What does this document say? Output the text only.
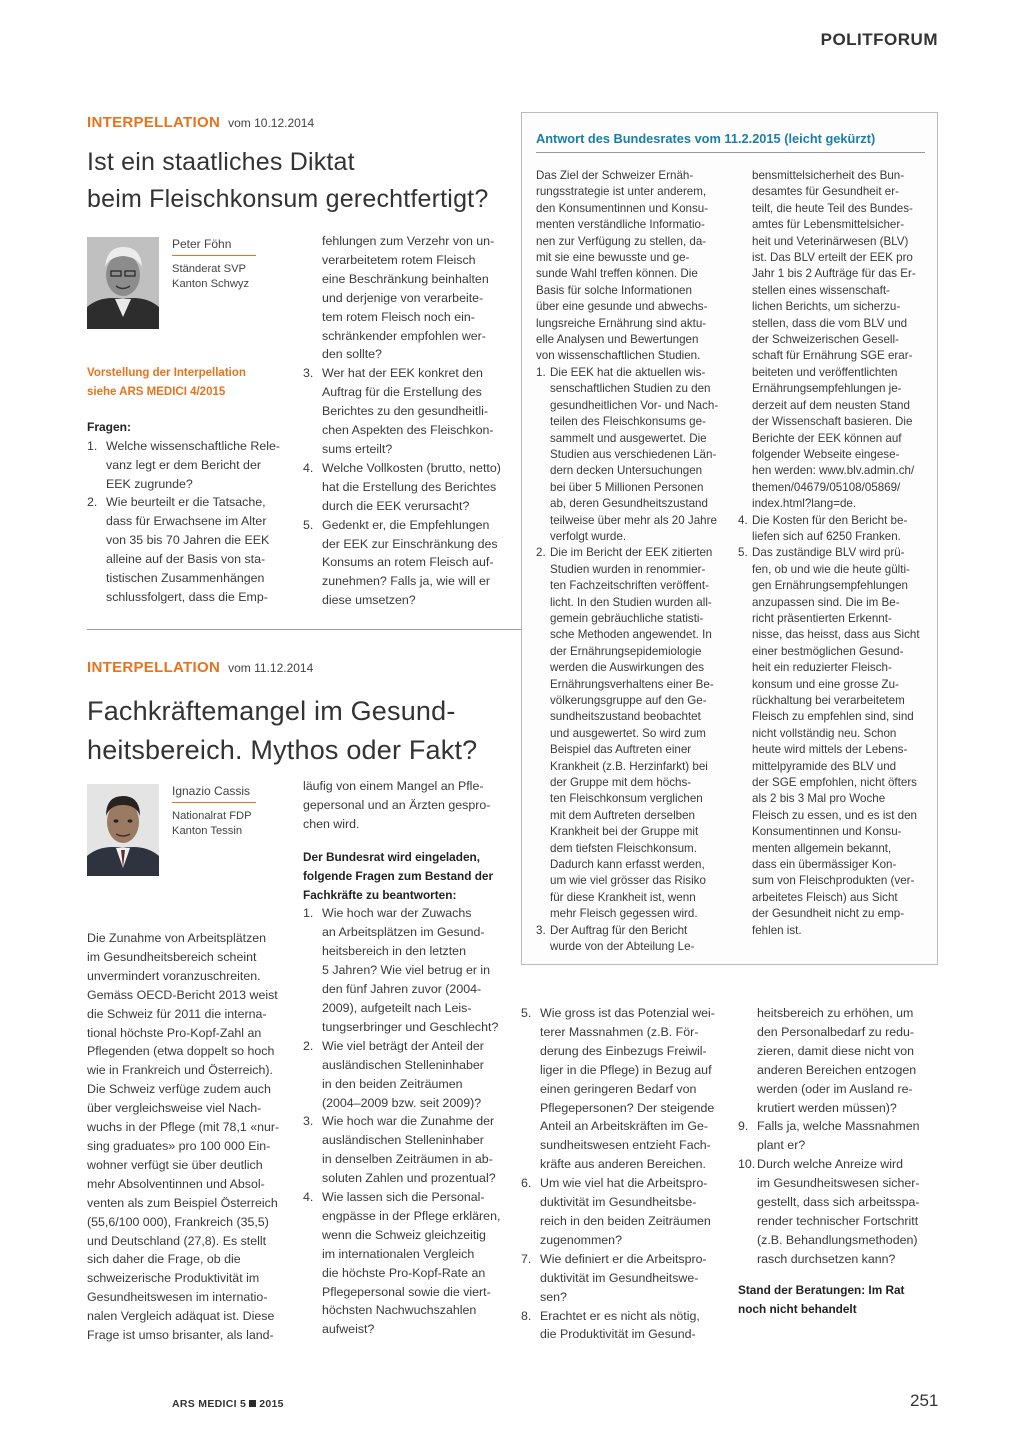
POLITFORUM
INTERPELLATION vom 10.12.2014
Ist ein staatliches Diktat
beim Fleischkonsum gerechtfertigt?
Peter Föhn
Ständerat SVP
Kanton Schwyz

Vorstellung der Interpellation

siehe ARS MEDICI 4/2015

Fragen:

1. Welche wissenschaftliche Rele-
vanz legt er dem Bericht der
EEK zugrunde?
2. Wie beurteilt er die Tatsache,
dass für Erwachsene im Alter
von 35 bis 70 Jahren die EEK
alleine auf der Basis von sta-
tistischen Zusammenhängen
schlussfolgert, dass die Emp-
fehlungen zum Verzehr von un-
verarbeitetem rotem Fleisch
eine Beschränkung beinhalten
und derjenige von verarbeite-
tem rotem Fleisch noch ein-
schränkender empfohlen wer-
den sollte?
3. Wer hat der EEK konkret den
Auftrag für die Erstellung des
Berichtes zu den gesundheitli-
chen Aspekten des Fleischkon-
sums erteilt?
4. Welche Vollkosten (brutto, netto)
hat die Erstellung des Berichtes
durch die EEK verursacht?
5. Gedenkt er, die Empfehlungen
der EEK zur Einschränkung des
Konsums an rotem Fleisch auf-
zunehmen? Falls ja, wie will er
diese umsetzen?
Antwort des Bundesrates vom 11.2.2015 (leicht gekürzt)
Das Ziel der Schweizer Ernäh-
rungsstrategie ist unter anderem,
den Konsumentinnen und Konsu-
menten verständliche Informatio-
nen zur Verfügung zu stellen, da-
mit sie eine bewusste und ge-
sunde Wahl treffen können. Die
Basis für solche Informationen
über eine gesunde und abwechs-
lungsreiche Ernährung sind aktu-
elle Analysen und Bewertungen
von wissenschaftlichen Studien.
1. Die EEK hat die aktuellen wis-
senschaftlichen Studien zu den
gesundheitlichen Vor- und Nach-
teilen des Fleischkonsums ge-
sammelt und ausgewertet. Die
Studien aus verschiedenen Län-
dern decken Untersuchungen
bei über 5 Millionen Personen
ab, deren Gesundheitszustand
teilweise über mehr als 20 Jahre
verfolgt wurde.
2. Die im Bericht der EEK zitierten
Studien wurden in renommier-
ten Fachzeitschriften veröffent-
licht. In den Studien wurden all-
gemein gebräuchliche statisti-
sche Methoden angewendet. In
der Ernährungsepidemiologie
werden die Auswirkungen des
Ernährungsverhaltens einer Be-
völkerungsgruppe auf den Ge-
sundheitszustand beobachtet
und ausgewertet. So wird zum
Beispiel das Auftreten einer
Krankheit (z.B. Herzinfarkt) bei
der Gruppe mit dem höchs-
ten Fleischkonsum verglichen
mit dem Auftreten derselben
Krankheit bei der Gruppe mit
dem tiefsten Fleischkonsum.
Dadurch kann erfasst werden,
um wie viel grösser das Risiko
für diese Krankheit ist, wenn
mehr Fleisch gegessen wird.
3. Der Auftrag für den Bericht
wurde von der Abteilung Le-
bensmittelsicherheit des Bun-
desamtes für Gesundheit er-
teilt, die heute Teil des Bundes-
amtes für Lebensmittelsicher-
heit und Veterinärwesen (BLV)
ist. Das BLV erteilt der EEK pro
Jahr 1 bis 2 Aufträge für das Er-
stellen eines wissenschaft-
lichen Berichts, um sicherzu-
stellen, dass die vom BLV und
der Schweizerischen Gesell-
schaft für Ernährung SGE erar-
beiteten und veröffentlichten
Ernährungsempfehlungen je-
derzeit auf dem neusten Stand
der Wissenschaft basieren. Die
Berichte der EEK können auf
folgender Webseite eingese-
hen werden: www.blv.admin.ch/
themen/04679/05108/05869/
index.html?lang=de.
4. Die Kosten für den Bericht be-
liefen sich auf 6250 Franken.
5. Das zuständige BLV wird prü-
fen, ob und wie die heute gülti-
gen Ernährungsempfehlungen
anzupassen sind. Die im Be-
richt präsentierten Erkennt-
nisse, das heisst, dass aus Sicht
einer bestmöglichen Gesund-
heit ein reduzierter Fleisch-
konsum und eine grosse Zu-
rückhaltung bei verarbeitetem
Fleisch zu empfehlen sind, sind
nicht vollständig neu. Schon
heute wird mittels der Lebens-
mittelpyramide des BLV und
der SGE empfohlen, nicht öfters
als 2 bis 3 Mal pro Woche
Fleisch zu essen, und es ist den
Konsumentinnen und Konsu-
menten allgemein bekannt,
dass ein übermässiger Kon-
sum von Fleischprodukten (ver-
arbeitetes Fleisch) aus Sicht
der Gesundheit nicht zu emp-
fehlen ist.
INTERPELLATION vom 11.12.2014
Fachkräftemangel im Gesund-
heitsbereich. Mythos oder Fakt?
Ignazio Cassis
Nationalrat FDP
Kanton Tessin
Die Zunahme von Arbeitsplätzen
im Gesundheitsbereich scheint
unvermindert voranzuschreiten.
Gemäss OECD-Bericht 2013 weist
die Schweiz für 2011 die interna-
tional höchste Pro-Kopf-Zahl an
Pflegenden (etwa doppelt so hoch
wie in Frankreich und Österreich).
Die Schweiz verfüge zudem auch
über vergleichsweise viel Nach-
wuchs in der Pflege (mit 78,1 «nur-
sing graduates» pro 100 000 Ein-
wohner verfügt sie über deutlich
mehr Absolventinnen und Absol-
venten als zum Beispiel Österreich
(55,6/100 000), Frankreich (35,5)
und Deutschland (27,8). Es stellt
sich daher die Frage, ob die
schweizerische Produktivität im
Gesundheitswesen im internatio-
nalen Vergleich adäquat ist. Diese
Frage ist umso brisanter, als land-
läufig von einem Mangel an Pfle-
gepersonal und an Ärzten gespro-
chen wird.
Der Bundesrat wird eingeladen,
folgende Fragen zum Bestand der
Fachkräfte zu beantworten:
1. Wie hoch war der Zuwachs
an Arbeitsplätzen im Gesund-
heitsbereich in den letzten
5 Jahren? Wie viel betrug er in
den fünf Jahren zuvor (2004-
2009), aufgeteilt nach Leis-
tungserbringer und Geschlecht?
2. Wie viel beträgt der Anteil der
ausländischen Stelleninhaber
in den beiden Zeiträumen
(2004–2009 bzw. seit 2009)?
3. Wie hoch war die Zunahme der
ausländischen Stelleninhaber
in denselben Zeiträumen in ab-
soluten Zahlen und prozentual?
4. Wie lassen sich die Personal-
engpässe in der Pflege erklären,
wenn die Schweiz gleichzeitig
im internationalen Vergleich
die höchste Pro-Kopf-Rate an
Pflegepersonal sowie die viert-
höchsten Nachwuchszahlen
aufweist?
5. Wie gross ist das Potenzial wei-
terer Massnahmen (z.B. För-
derung des Einbezugs Freiwil-
liger in die Pflege) in Bezug auf
einen geringeren Bedarf von
Pflegepersonen? Der steigende
Anteil an Arbeitskräften im Ge-
sundheitswesen entzieht Fach-
kräfte aus anderen Bereichen.
6. Um wie viel hat die Arbeitspro-
duktivität im Gesundheitsbe-
reich in den beiden Zeiträumen
zugenommen?
7. Wie definiert er die Arbeitspro-
duktivität im Gesundheitswe-
sen?
8. Erachtet er es nicht als nötig,
die Produktivität im Gesund-
heitsbereich zu erhöhen, um
den Personalbedarf zu redu-
zieren, damit diese nicht von
anderen Bereichen entzogen
werden (oder im Ausland re-
krutiert werden müssen)?
9. Falls ja, welche Massnahmen
plant er?
10. Durch welche Anreize wird
im Gesundheitswesen sicher-
gestellt, dass sich arbeitsspa-
render technischer Fortschritt
(z.B. Behandlungsmethoden)
rasch durchsetzen kann?
Stand der Beratungen: Im Rat
noch nicht behandelt
ARS MEDICI 5 2015	251
